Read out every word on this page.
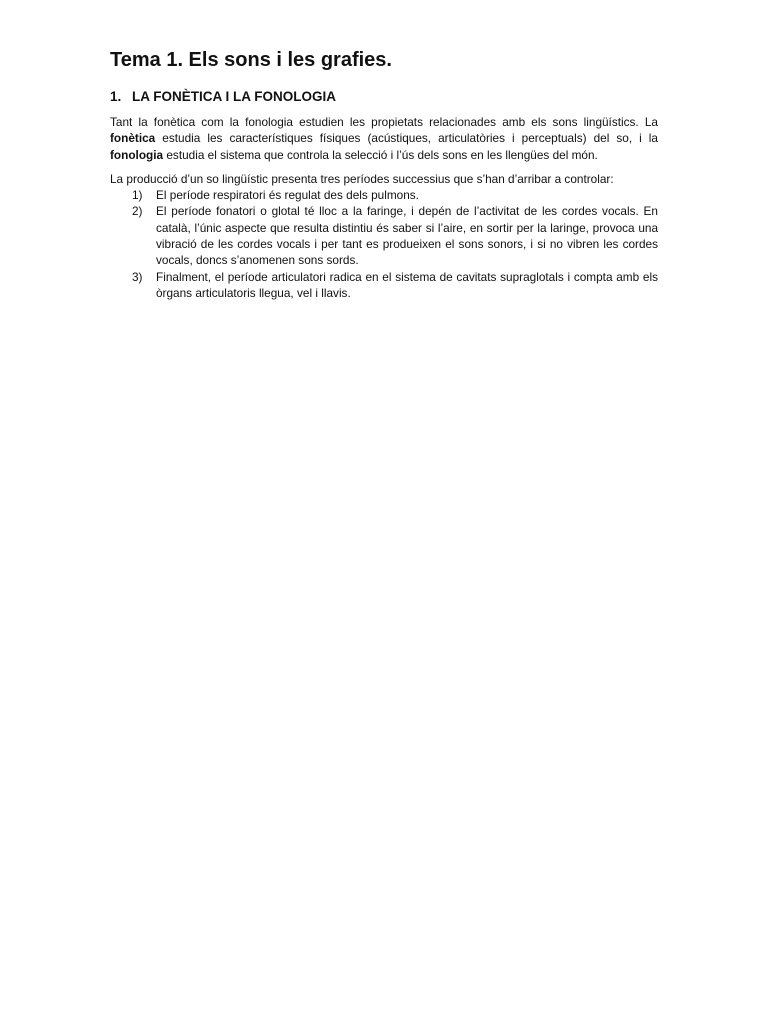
Tema 1. Els sons i les grafies.
1. LA FONÈTICA I LA FONOLOGIA

Tant la fonètica com la fonologia estudien les propietats relacionades amb els sons lingüístics. La fonètica estudia les característiques físiques (acústiques, articulatòries i perceptuals) del so, i la fonologia estudia el sistema que controla la selecció i l’ús dels sons en les llengües del món.

La producció d’un so lingüístic presenta tres períodes successius que s’han d’arribar a controlar:

1)	El període respiratori és regulat des dels pulmons.
2)	El període fonatori o glotal té lloc a la faringe, i depén de l’activitat de les cordes vocals. En català, l’únic aspecte que resulta distintiu és saber si l’aire, en sortir per la laringe, provoca una vibració de les cordes vocals i per tant es produeixen el sons sonors, i si no vibren les cordes vocals, doncs s’anomenen sons sords.
3)	Finalment, el període articulatori radica en el sistema de cavitats supraglotals i compta amb els òrgans articulatoris llegua, vel i llavis.
